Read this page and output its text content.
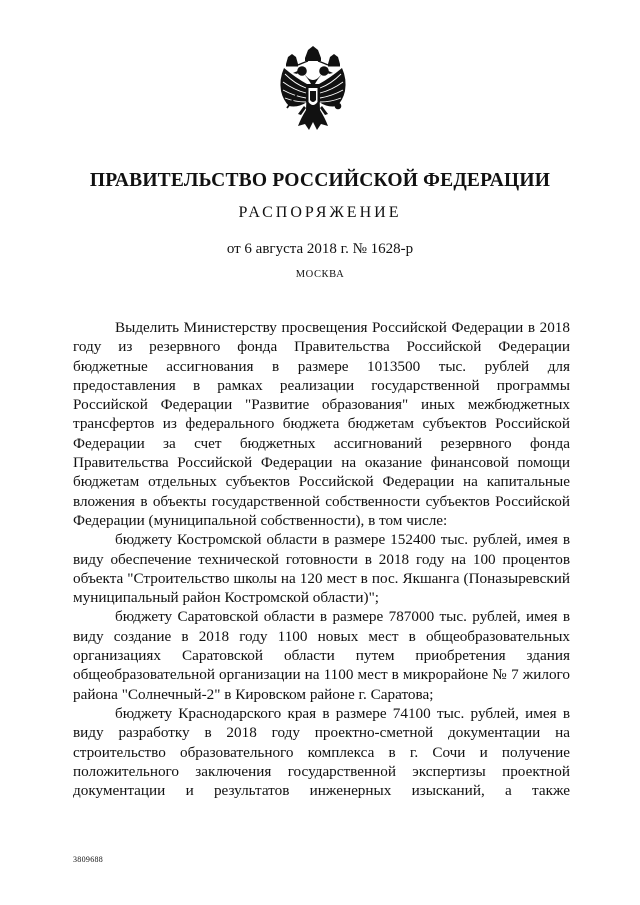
ПРАВИТЕЛЬСТВО РОССИЙСКОЙ ФЕДЕРАЦИИ
РАСПОРЯЖЕНИЕ
от 6 августа 2018 г. № 1628-р
МОСКВА

Выделить Министерству просвещения Российской Федерации в 2018 году из резервного фонда Правительства Российской Федерации бюджетные ассигнования в размере 1013500 тыс. рублей для предоставления в рамках реализации государственной программы Российской Федерации "Развитие образования" иных межбюджетных трансфертов из федерального бюджета бюджетам субъектов Российской Федерации за счет бюджетных ассигнований резервного фонда Правительства Российской Федерации на оказание финансовой помощи бюджетам отдельных субъектов Российской Федерации на капитальные вложения в объекты государственной собственности субъектов Российской Федерации (муниципальной собственности), в том числе:

бюджету Костромской области в размере 152400 тыс. рублей, имея в виду обеспечение технической готовности в 2018 году на 100 процентов объекта "Строительство школы на 120 мест в пос. Якшанга (Поназыревский муниципальный район Костромской области)";

бюджету Саратовской области в размере 787000 тыс. рублей, имея в виду создание в 2018 году 1100 новых мест в общеобразовательных организациях Саратовской области путем приобретения здания общеобразовательной организации на 1100 мест в микрорайоне № 7 жилого района "Солнечный-2" в Кировском районе г. Саратова;

бюджету Краснодарского края в размере 74100 тыс. рублей, имея в виду разработку в 2018 году проектно-сметной документации на строительство образовательного комплекса в г. Сочи и получение положительного заключения государственной экспертизы проектной документации и результатов инженерных изысканий, а также

3809688
